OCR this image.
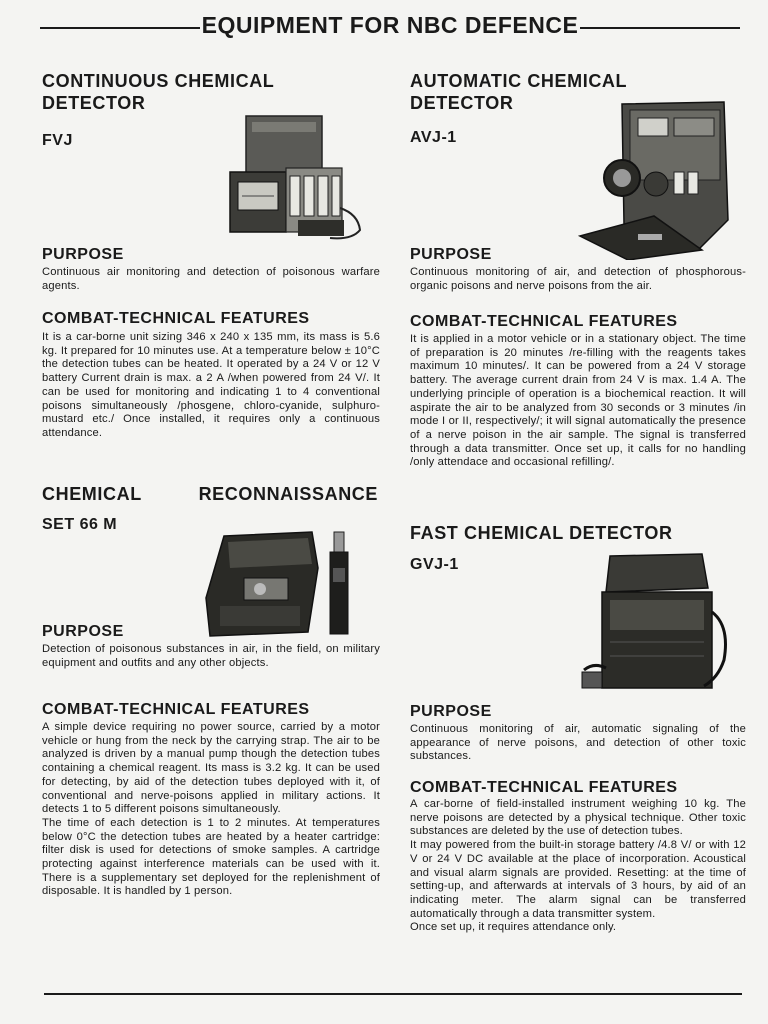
EQUIPMENT FOR NBC DEFENCE
CONTINUOUS CHEMICAL
DETECTOR
FVJ
PURPOSE
Continuous air monitoring and detection of poisonous warfare agents.
COMBAT-TECHNICAL FEATURES
It is a car-borne unit sizing 346 x 240 x 135 mm, its mass is 5.6 kg. It prepared for 10 minutes use. At a temperature below ± 10°C the detection tubes can be heated. It operated by a 24 V or 12 V battery Current drain is max. a 2 A /when powered from 24 V/. It can be used for monitoring and indicating 1 to 4 conventional poisons simultaneously /phosgene, chloro-cyanide, sulphuro-mustard etc./ Once installed, it requires only a continuous attendance.
CHEMICAL	RECONNAISSANCE
SET 66 M
PURPOSE
Detection of poisonous substances in air, in the field, on military equipment and outfits and any other objects.
COMBAT-TECHNICAL FEATURES

A simple device requiring no power source, carried by a motor vehicle or hung from the neck by the carrying strap. The air to be analyzed is driven by a manual pump though the detection tubes containing a chemical reagent. Its mass is 3.2 kg. It can be used for detecting, by aid of the detection tubes deployed with it, of conventional and nerve-poisons applied in military actions. It detects 1 to 5 different poisons simultaneously.

The time of each detection is 1 to 2 minutes. At temperatures below 0°C the detection tubes are heated by a heater cartridge: filter disk is used for detections of smoke samples. A cartridge protecting against interference materials can be used with it. There is a supplementary set deployed for the replenishment of disposable. It is handled by 1 person.

AUTOMATIC CHEMICAL
DETECTOR
AVJ-1
PURPOSE
Continuous monitoring of air, and detection of phosphorous-organic poisons and nerve poisons from the air.
COMBAT-TECHNICAL FEATURES
It is applied in a motor vehicle or in a stationary object. The time of preparation is 20 minutes /re-filling with the reagents takes maximum 10 minutes/. It can be powered from a 24 V storage battery. The average current drain from 24 V is max. 1.4 A. The underlying principle of operation is a biochemical reaction. It will aspirate the air to be analyzed from 30 seconds or 3 minutes /in mode I or II, respectively/; it will signal automatically the presence of a nerve poison in the air sample. The signal is transferred through a data transmitter. Once set up, it calls for no handling /only attendace and occasional refilling/.
FAST CHEMICAL DETECTOR
GVJ-1
PURPOSE
Continuous monitoring of air, automatic signaling of the appearance of nerve poisons, and detection of other toxic substances.
COMBAT-TECHNICAL FEATURES

A car-borne of field-installed instrument weighing 10 kg. The nerve poisons are detected by a physical technique. Other toxic substances are deleted by the use of detection tubes.

It may powered from the built-in storage battery /4.8 V/ or with 12 V or 24 V DC available at the place of incorporation. Acoustical and visual alarm signals are provided. Resetting: at the time of setting-up, and afterwards at intervals of 3 hours, by aid of an indicating meter. The alarm signal can be transferred automatically through a data transmitter system.

Once set up, it requires attendance only.
